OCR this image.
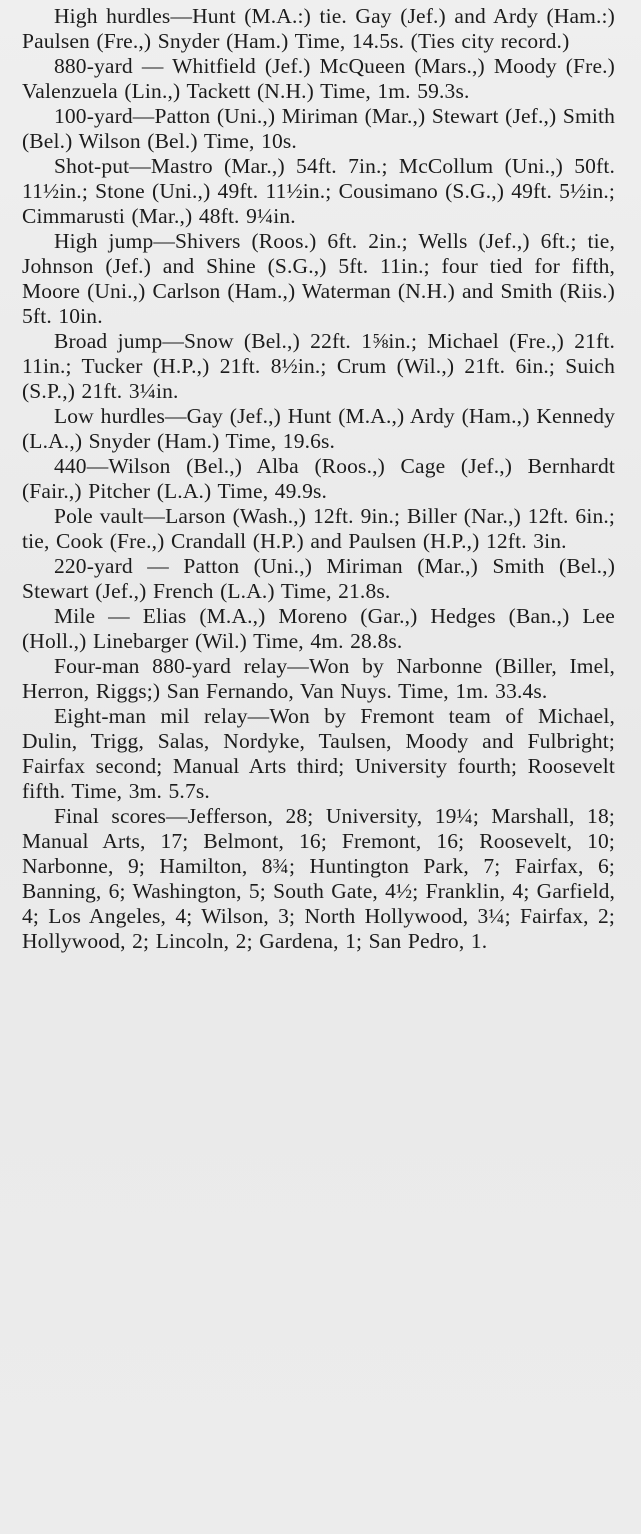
High hurdles—Hunt (M.A.:) tie. Gay (Jef.) and Ardy (Ham.:) Paulsen (Fre.,) Snyder (Ham.) Time, 14.5s. (Ties city record.)

880-yard — Whitfield (Jef.) McQueen (Mars.,) Moody (Fre.) Valenzuela (Lin.,) Tackett (N.H.) Time, 1m. 59.3s.

100-yard—Patton (Uni.,) Miriman (Mar.,) Stewart (Jef.,) Smith (Bel.) Wilson (Bel.) Time, 10s.

Shot-put—Mastro (Mar.,) 54ft. 7in.; McCollum (Uni.,) 50ft. 11½in.; Stone (Uni.,) 49ft. 11½in.; Cousimano (S.G.,) 49ft. 5½in.; Cimmarusti (Mar.,) 48ft. 9¼in.

High jump—Shivers (Roos.) 6ft. 2in.; Wells (Jef.,) 6ft.; tie, Johnson (Jef.) and Shine (S.G.,) 5ft. 11in.; four tied for fifth, Moore (Uni.,) Carlson (Ham.,) Waterman (N.H.) and Smith (Riis.) 5ft. 10in.

Broad jump—Snow (Bel.,) 22ft. 1⅝in.; Michael (Fre.,) 21ft. 11in.; Tucker (H.P.,) 21ft. 8½in.; Crum (Wil.,) 21ft. 6in.; Suich (S.P.,) 21ft. 3¼in.

Low hurdles—Gay (Jef.,) Hunt (M.A.,) Ardy (Ham.,) Kennedy (L.A.,) Snyder (Ham.) Time, 19.6s.

440—Wilson (Bel.,) Alba (Roos.,) Cage (Jef.,) Bernhardt (Fair.,) Pitcher (L.A.) Time, 49.9s.

Pole vault—Larson (Wash.,) 12ft. 9in.; Biller (Nar.,) 12ft. 6in.; tie, Cook (Fre.,) Crandall (H.P.) and Paulsen (H.P.,) 12ft. 3in.

220-yard — Patton (Uni.,) Miriman (Mar.,) Smith (Bel.,) Stewart (Jef.,) French (L.A.) Time, 21.8s.

Mile — Elias (M.A.,) Moreno (Gar.,) Hedges (Ban.,) Lee (Holl.,) Linebarger (Wil.) Time, 4m. 28.8s.

Four-man 880-yard relay—Won by Narbonne (Biller, Imel, Herron, Riggs;) San Fernando, Van Nuys. Time, 1m. 33.4s.

Eight-man mil relay—Won by Fremont team of Michael, Dulin, Trigg, Salas, Nordyke, Taulsen, Moody and Fulbright; Fairfax second; Manual Arts third; University fourth; Roosevelt fifth. Time, 3m. 5.7s.

Final scores—Jefferson, 28; University, 19¼; Marshall, 18; Manual Arts, 17; Belmont, 16; Fremont, 16; Roosevelt, 10; Narbonne, 9; Hamilton, 8¾; Huntington Park, 7; Fairfax, 6; Banning, 6; Washington, 5; South Gate, 4½; Franklin, 4; Garfield, 4; Los Angeles, 4; Wilson, 3; North Hollywood, 3¼; Fairfax, 2; Hollywood, 2; Lincoln, 2; Gardena, 1; San Pedro, 1.
